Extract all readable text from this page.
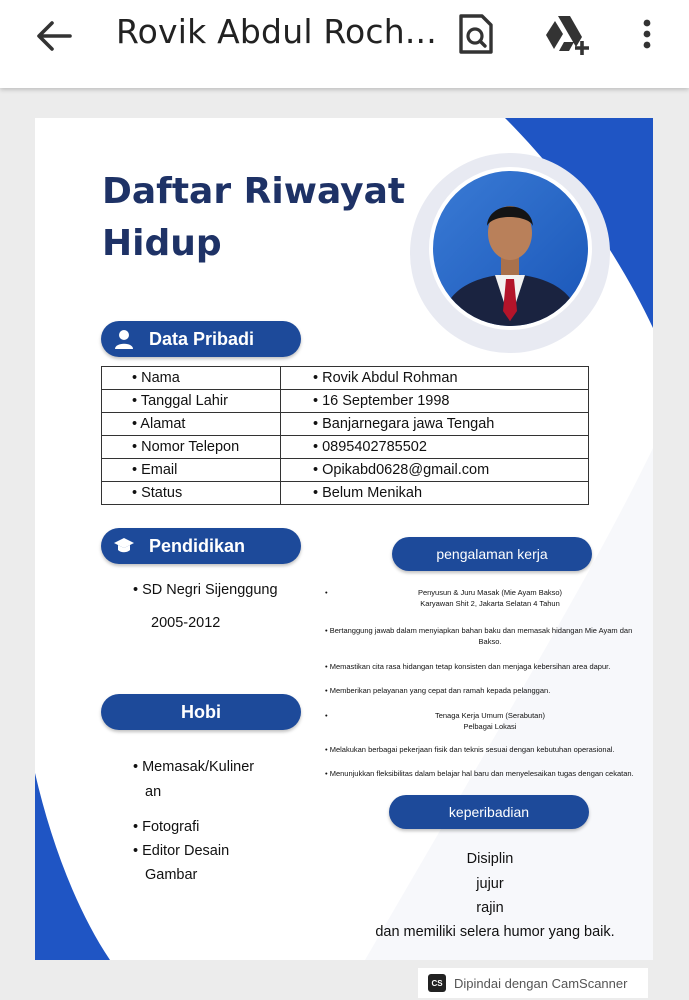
Rovik Abdul Roch...
Daftar Riwayat
Hidup
Data Pribadi
• Nama	• Rovik Abdul Rohman
• Tanggal Lahir	• 16 September 1998
• Alamat	• Banjarnegara jawa Tengah
• Nomor Telepon	• 0895402785502
• Email	• Opikabd0628@gmail.com
• Status	• Belum Menikah
Pendidikan
• SD Negri Sijenggung
2005-2012
Hobi
• Memasak/Kuliner
an
• Fotografi
• Editor Desain
Gambar
pengalaman kerja
•	Penyusun & Juru Masak (Mie Ayam Bakso)
Karyawan Shit 2, Jakarta Selatan 4 Tahun
• Bertanggung jawab dalam menyiapkan bahan baku dan memasak hidangan Mie Ayam dan
Bakso.
• Memastikan cita rasa hidangan tetap konsisten dan menjaga kebersihan area dapur.
• Memberikan pelayanan yang cepat dan ramah kepada pelanggan.
•	Tenaga Kerja Umum (Serabutan)
Pelbagai Lokasi
• Melakukan berbagai pekerjaan fisik dan teknis sesuai dengan kebutuhan operasional.
• Menunjukkan fleksibilitas dalam belajar hal baru dan menyelesaikan tugas dengan cekatan.
keperibadian
Disiplin
jujur
rajin
dan memiliki selera humor yang baik.
CS Dipindai dengan CamScanner
